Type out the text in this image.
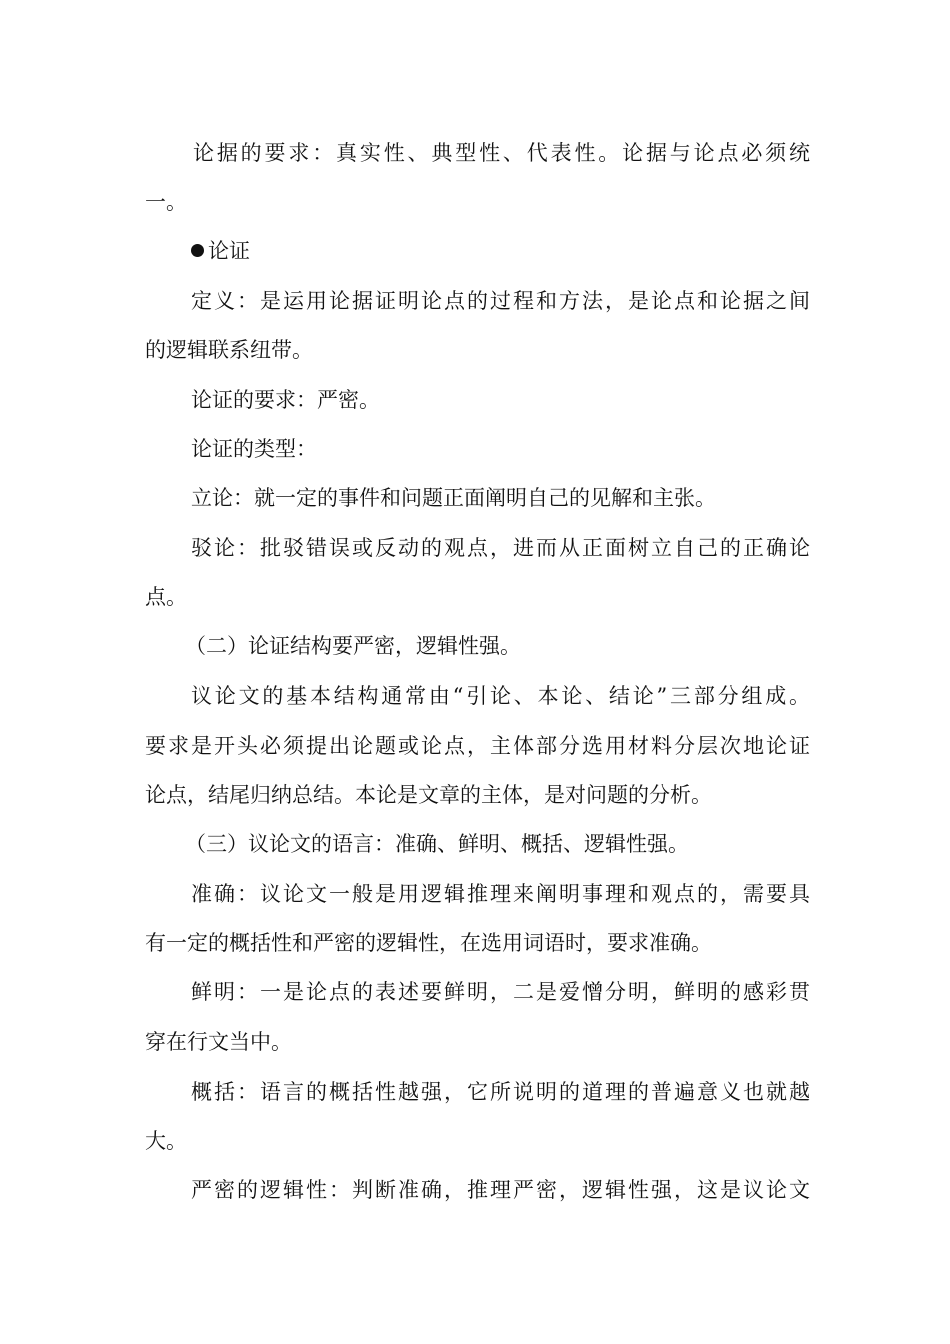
论据的要求：真实性、典型性、代表性。论据与论点必须统
一。
论证
定义：是运用论据证明论点的过程和方法，是论点和论据之间
的逻辑联系纽带。
论证的要求：严密。
论证的类型：
立论：就一定的事件和问题正面阐明自己的见解和主张。
驳论：批驳错误或反动的观点，进而从正面树立自己的正确论
点。
（二）论证结构要严密，逻辑性强。
议论文的基本结构通常由“引论、本论、结论”三部分组成。
要求是开头必须提出论题或论点，主体部分选用材料分层次地论证
论点，结尾归纳总结。本论是文章的主体，是对问题的分析。
（三）议论文的语言：准确、鲜明、概括、逻辑性强。
准确：议论文一般是用逻辑推理来阐明事理和观点的，需要具
有一定的概括性和严密的逻辑性，在选用词语时，要求准确。
鲜明：一是论点的表述要鲜明，二是爱憎分明，鲜明的感彩贯
穿在行文当中。
概括：语言的概括性越强，它所说明的道理的普遍意义也就越
大。
严密的逻辑性：判断准确，推理严密，逻辑性强，这是议论文
